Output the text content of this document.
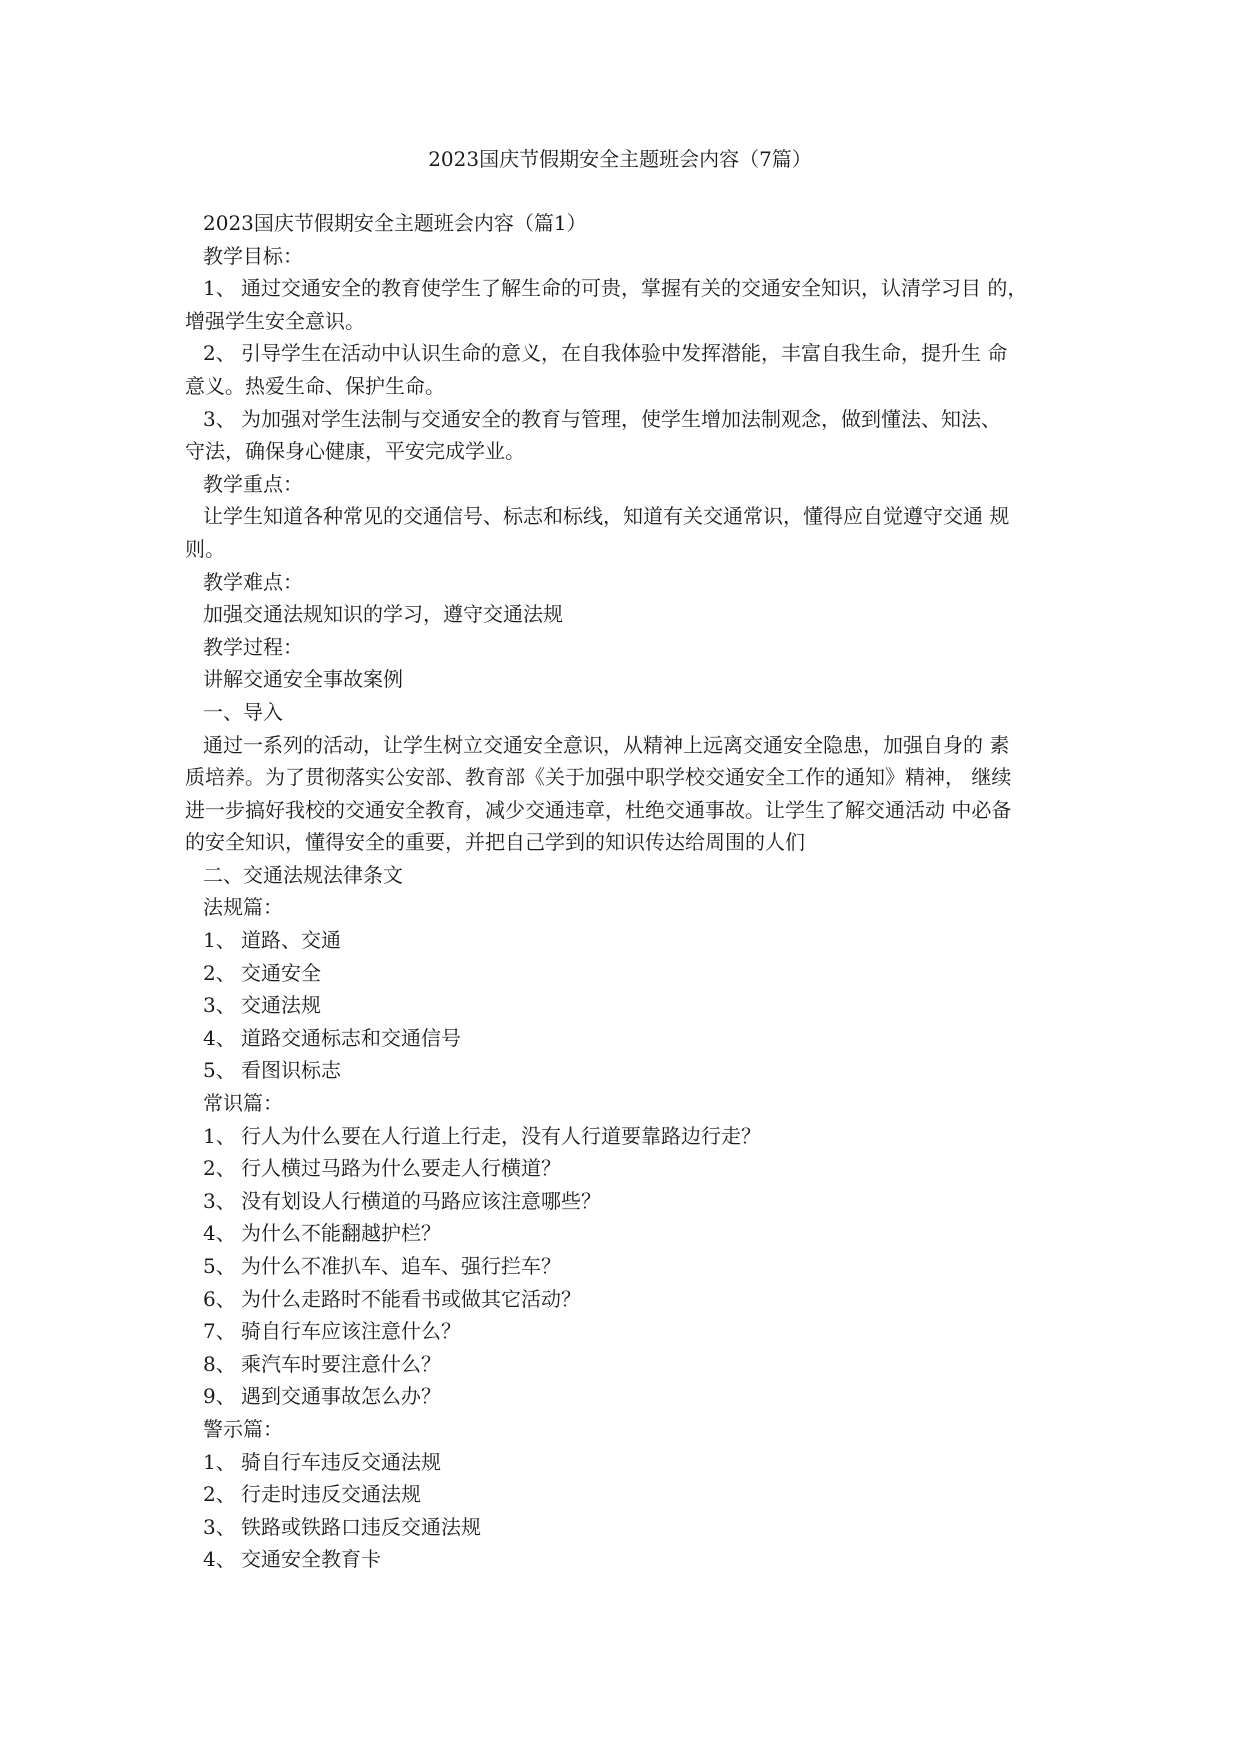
2023国庆节假期安全主题班会内容（7篇）
2023国庆节假期安全主题班会内容（篇1）
教学目标：
1、 通过交通安全的教育使学生了解生命的可贵，掌握有关的交通安全知识，认清学习目 的，
增强学生安全意识。
2、 引导学生在活动中认识生命的意义，在自我体验中发挥潜能，丰富自我生命，提升生 命
意义。热爱生命、保护生命。
3、 为加强对学生法制与交通安全的教育与管理，使学生增加法制观念，做到懂法、知法、
守法，确保身心健康，平安完成学业。
教学重点：
让学生知道各种常见的交通信号、标志和标线，知道有关交通常识，懂得应自觉遵守交通 规
则。
教学难点：
加强交通法规知识的学习，遵守交通法规
教学过程：
讲解交通安全事故案例
一、导入
通过一系列的活动，让学生树立交通安全意识，从精神上远离交通安全隐患，加强自身的 素
质培养。为了贯彻落实公安部、教育部《关于加强中职学校交通安全工作的通知》精神， 继续
进一步搞好我校的交通安全教育，减少交通违章，杜绝交通事故。让学生了解交通活动 中必备
的安全知识，懂得安全的重要，并把自己学到的知识传达给周围的人们
二、交通法规法律条文
法规篇：
1、 道路、交通
2、 交通安全
3、 交通法规
4、 道路交通标志和交通信号
5、 看图识标志
常识篇：
1、 行人为什么要在人行道上行走，没有人行道要靠路边行走？
2、 行人横过马路为什么要走人行横道？
3、 没有划设人行横道的马路应该注意哪些？
4、 为什么不能翻越护栏？
5、 为什么不准扒车、追车、强行拦车？
6、 为什么走路时不能看书或做其它活动？
7、 骑自行车应该注意什么？
8、 乘汽车时要注意什么？
9、 遇到交通事故怎么办？
警示篇：
1、 骑自行车违反交通法规
2、 行走时违反交通法规
3、 铁路或铁路口违反交通法规
4、 交通安全教育卡
